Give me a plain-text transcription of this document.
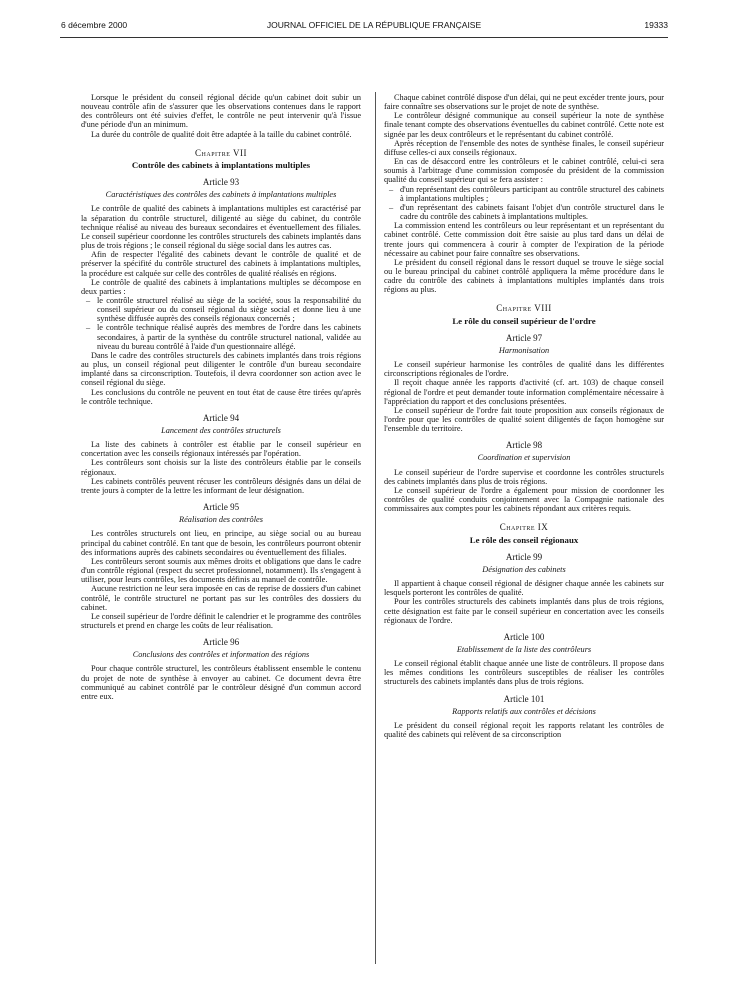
6 décembre 2000	JOURNAL OFFICIEL DE LA RÉPUBLIQUE FRANÇAISE	19333

Lorsque le président du conseil régional décide qu'un cabinet doit subir un nouveau contrôle afin de s'assurer que les observations contenues dans le rapport des contrôleurs ont été suivies d'effet, le contrôle ne peut intervenir qu'à l'issue d'une période d'un an minimum.

La durée du contrôle de qualité doit être adaptée à la taille du cabinet contrôlé.

Chapitre VII
Contrôle des cabinets à implantations multiples
Article 93
Caractéristiques des contrôles des cabinets à implantations multiples

Le contrôle de qualité des cabinets à implantations multiples est caractérisé par la séparation du contrôle structurel, diligenté au siège du cabinet, du contrôle technique réalisé au niveau des bureaux secondaires et éventuellement des filiales. Le conseil supérieur coordonne les contrôles structurels des cabinets implantés dans plus de trois régions ; le conseil régional du siège social dans les autres cas.

Afin de respecter l'égalité des cabinets devant le contrôle de qualité et de préserver la spécifité du contrôle structurel des cabinets à implantations multiples, la procédure est calquée sur celle des contrôles de qualité réalisés en régions.

Le contrôle de qualité des cabinets à implantations multiples se décompose en deux parties :

– le contrôle structurel réalisé au siège de la société, sous la responsabilité du conseil supérieur ou du conseil régional du siège social et donne lieu à une synthèse diffusée auprès des conseils régionaux concernés ;
– le contrôle technique réalisé auprès des membres de l'ordre dans les cabinets secondaires, à partir de la synthèse du contrôle structurel national, validée au niveau du bureau contrôlé à l'aide d'un questionnaire allégé.

Dans le cadre des contrôles structurels des cabinets implantés dans trois régions au plus, un conseil régional peut diligenter le contrôle d'un bureau secondaire implanté dans sa circonscription. Toutefois, il devra coordonner son action avec le conseil régional du siège.

Les conclusions du contrôle ne peuvent en tout état de cause être tirées qu'après le contrôle technique.

Article 94
Lancement des contrôles structurels

La liste des cabinets à contrôler est établie par le conseil supérieur en concertation avec les conseils régionaux intéressés par l'opération.

Les contrôleurs sont choisis sur la liste des contrôleurs établie par le conseils régionaux.

Les cabinets contrôlés peuvent récuser les contrôleurs désignés dans un délai de trente jours à compter de la lettre les informant de leur désignation.

Article 95
Réalisation des contrôles

Les contrôles structurels ont lieu, en principe, au siège social ou au bureau principal du cabinet contrôlé. En tant que de besoin, les contrôleurs pourront obtenir des informations auprès des cabinets secondaires ou éventuellement des filiales.

Les contrôleurs seront soumis aux mêmes droits et obligations que dans le cadre d'un contrôle régional (respect du secret professionnel, notamment). Ils s'engagent à utiliser, pour leurs contrôles, les documents définis au manuel de contrôle.

Aucune restriction ne leur sera imposée en cas de reprise de dossiers d'un cabinet contrôlé, le contrôle structurel ne portant pas sur les contrôles des dossiers du cabinet.

Le conseil supérieur de l'ordre définit le calendrier et le programme des contrôles structurels et prend en charge les coûts de leur réalisation.

Article 96
Conclusions des contrôles et information des régions

Pour chaque contrôle structurel, les contrôleurs établissent ensemble le contenu du projet de note de synthèse à envoyer au cabinet. Ce document devra être communiqué au cabinet contrôlé par le contrôleur désigné d'un commun accord entre eux.

Chaque cabinet contrôlé dispose d'un délai, qui ne peut excéder trente jours, pour faire connaître ses observations sur le projet de note de synthèse.

Le contrôleur désigné communique au conseil supérieur la note de synthèse finale tenant compte des observations éventuelles du cabinet contrôlé. Cette note est signée par les deux contrôleurs et le représentant du cabinet contrôlé.

Après réception de l'ensemble des notes de synthèse finales, le conseil supérieur diffuse celles-ci aux conseils régionaux.

En cas de désaccord entre les contrôleurs et le cabinet contrôlé, celui-ci sera soumis à l'arbitrage d'une commission composée du président de la commission qualité du conseil supérieur qui se fera assister :

– d'un représentant des contrôleurs participant au contrôle structurel des cabinets à implantations multiples ;
– d'un représentant des cabinets faisant l'objet d'un contrôle structurel dans le cadre du contrôle des cabinets à implantations multiples.

La commission entend les contrôleurs ou leur représentant et un représentant du cabinet contrôlé. Cette commission doit être saisie au plus tard dans un délai de trente jours qui commencera à courir à compter de l'expiration de la période nécessaire au cabinet pour faire connaître ses observations.

Le président du conseil régional dans le ressort duquel se trouve le siège social ou le bureau principal du cabinet contrôlé appliquera la même procédure dans le cadre du contrôle des cabinets à implantations multiples implantés dans trois régions au plus.

Chapitre VIII
Le rôle du conseil supérieur de l'ordre
Article 97
Harmonisation

Le conseil supérieur harmonise les contrôles de qualité dans les différentes circonscriptions régionales de l'ordre.

Il reçoit chaque année les rapports d'activité (cf. art. 103) de chaque conseil régional de l'ordre et peut demander toute information complémentaire nécessaire à l'appréciation du rapport et des conclusions présentées.

Le conseil supérieur de l'ordre fait toute proposition aux conseils régionaux de l'ordre pour que les contrôles de qualité soient diligentés de façon homogène sur l'ensemble du territoire.

Article 98
Coordination et supervision

Le conseil supérieur de l'ordre supervise et coordonne les contrôles structurels des cabinets implantés dans plus de trois régions.

Le conseil supérieur de l'ordre a également pour mission de coordonner les contrôles de qualité conduits conjointement avec la Compagnie nationale des commissaires aux comptes pour les cabinets répondant aux critères requis.

Chapitre IX
Le rôle des conseil régionaux
Article 99
Désignation des cabinets

Il appartient à chaque conseil régional de désigner chaque année les cabinets sur lesquels porteront les contrôles de qualité.

Pour les contrôles structurels des cabinets implantés dans plus de trois régions, cette désignation est faite par le conseil supérieur en concertation avec les conseils régionaux de l'ordre.

Article 100
Etablissement de la liste des contrôleurs

Le conseil régional établit chaque année une liste de contrôleurs. Il propose dans les mêmes conditions les contrôleurs susceptibles de réaliser les contrôles structurels des cabinets implantés dans plus de trois régions.

Article 101
Rapports relatifs aux contrôles et décisions

Le président du conseil régional reçoit les rapports relatant les contrôles de qualité des cabinets qui relèvent de sa circonscription
